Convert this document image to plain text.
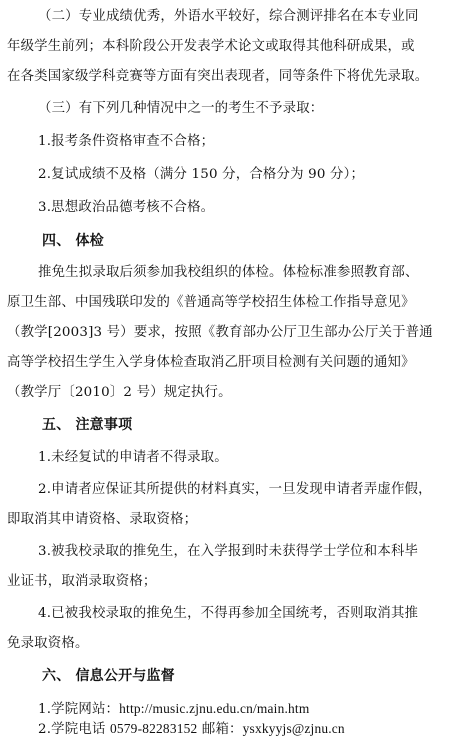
（二）专业成绩优秀，外语水平较好，综合测评排名在本专业同
年级学生前列；本科阶段公开发表学术论文或取得其他科研成果，或
在各类国家级学科竞赛等方面有突出表现者，同等条件下将优先录取。
（三）有下列几种情况中之一的考生不予录取：
1.报考条件资格审查不合格；
2.复试成绩不及格（满分 150 分，合格分为 90 分）；
3.思想政治品德考核不合格。
四、 体检
推免生拟录取后须参加我校组织的体检。体检标准参照教育部、
原卫生部、中国残联印发的《普通高等学校招生体检工作指导意见》
（教学[2003]3 号）要求，按照《教育部办公厅卫生部办公厅关于普通
高等学校招生学生入学身体检查取消乙肝项目检测有关问题的通知》
（教学厅〔2010〕2 号）规定执行。
五、 注意事项
1.未经复试的申请者不得录取。
2.申请者应保证其所提供的材料真实，一旦发现申请者弄虚作假，
即取消其申请资格、录取资格；
3.被我校录取的推免生，在入学报到时未获得学士学位和本科毕
业证书，取消录取资格；
4.已被我校录取的推免生，不得再参加全国统考，否则取消其推
免录取资格。
六、 信息公开与监督
1.学院网站：http://music.zjnu.edu.cn/main.htm
2.学院电话 0579-82283152 邮箱：ysxkyyjs@zjnu.cn
